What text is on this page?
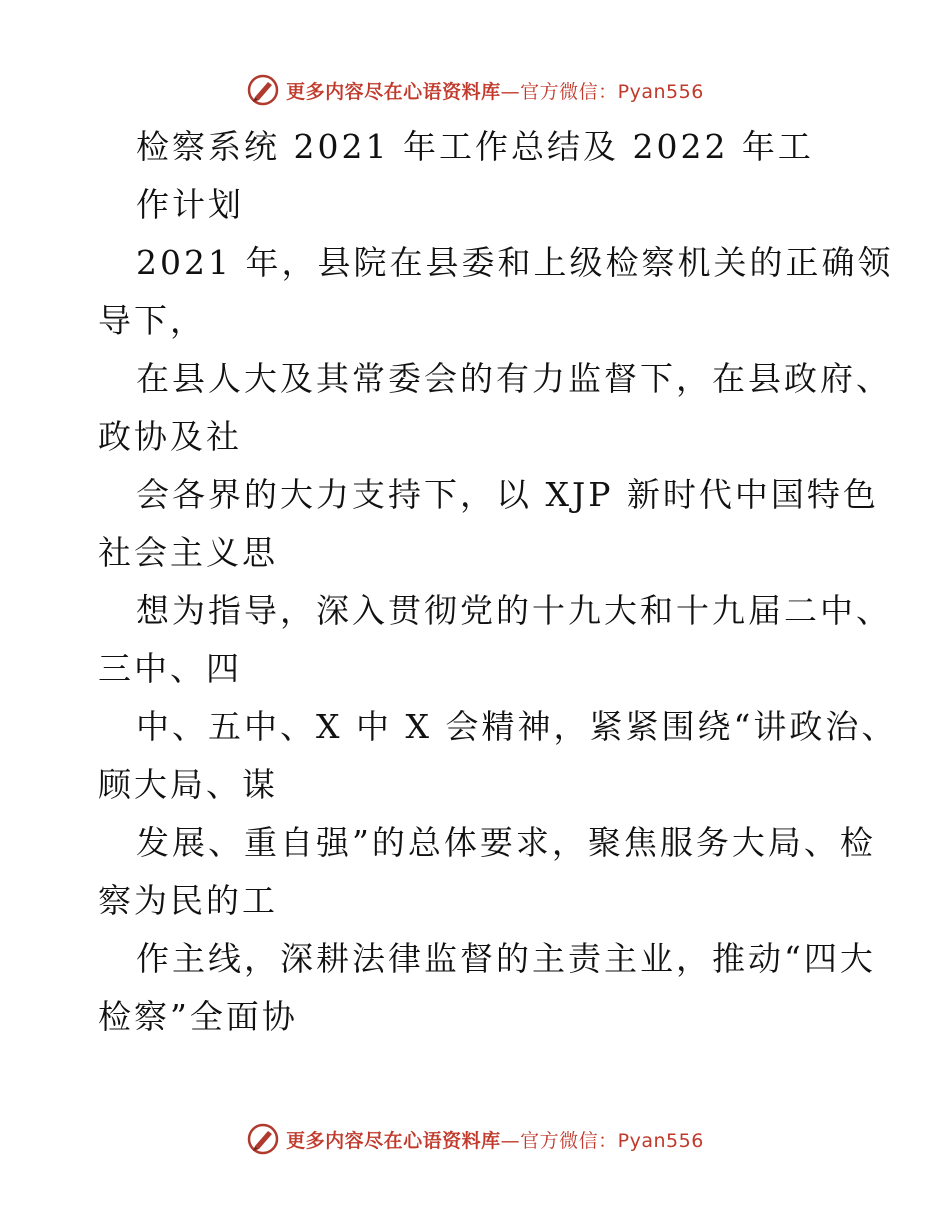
更多内容尽在心语资料库—官方微信：Pyan556
检察系统 2021 年工作总结及 2022 年工
作计划
2021 年，县院在县委和上级检察机关的正确领
导下，
在县人大及其常委会的有力监督下，在县政府、
政协及社
会各界的大力支持下，以 XJP 新时代中国特色
社会主义思
想为指导，深入贯彻党的十九大和十九届二中、
三中、四
中、五中、X 中 X 会精神，紧紧围绕“讲政治、
顾大局、谋
发展、重自强”的总体要求，聚焦服务大局、检
察为民的工
作主线，深耕法律监督的主责主业，推动“四大
检察”全面协
更多内容尽在心语资料库—官方微信：Pyan556
